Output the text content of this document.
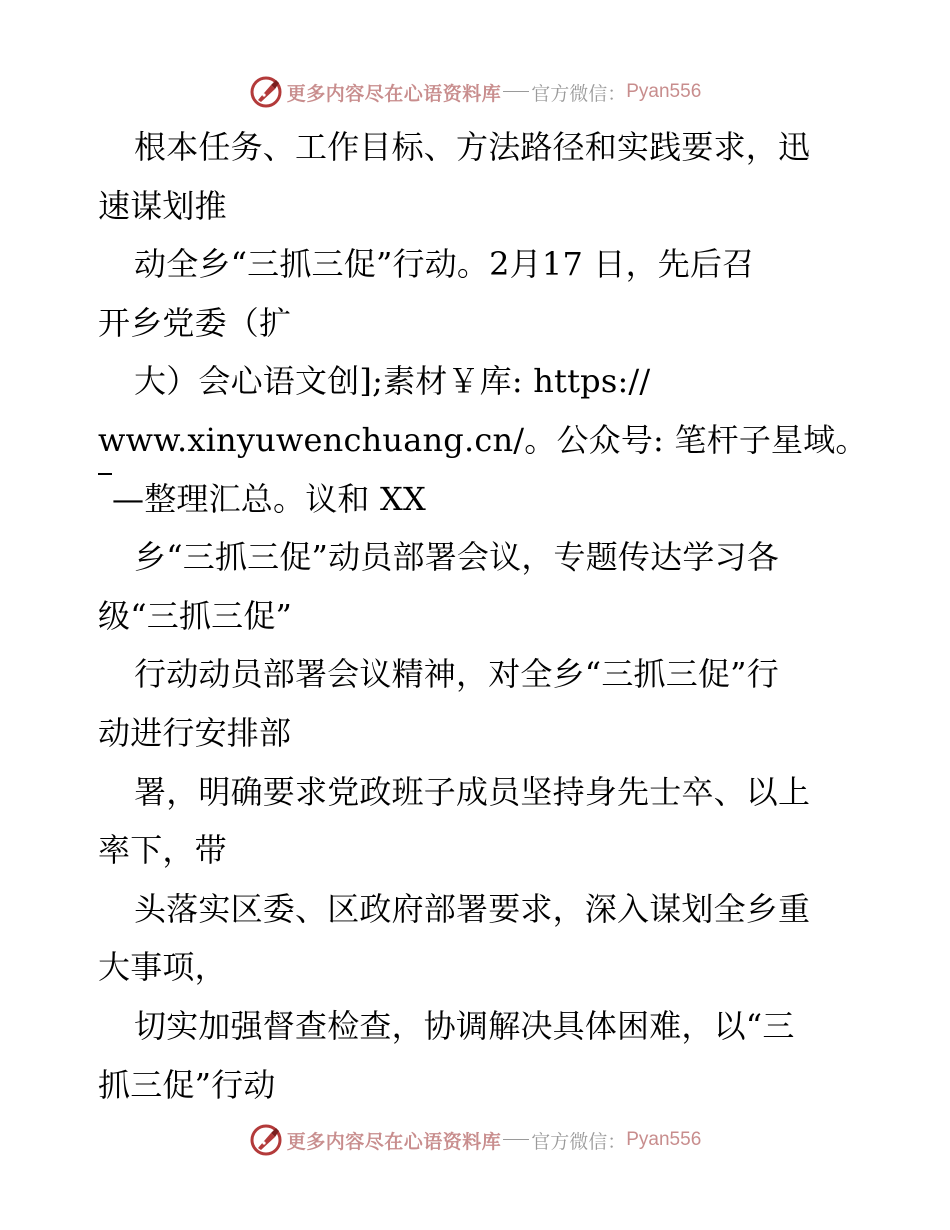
更多内容尽在心语资料库 官方微信： Pyan556
根本任务、工作目标、方法路径和实践要求，迅
速谋划推
动全乡“三抓三促”行动。2月17 日，先后召
开乡党委（扩
大）会心语文创];素材￥库: https://
www.xinyuwenchuang.cn/。公众号: 笔杆子星域。
—整理汇总。议和 XX
乡“三抓三促”动员部署会议，专题传达学习各
级“三抓三促”
行动动员部署会议精神，对全乡“三抓三促”行
动进行安排部
署，明确要求党政班子成员坚持身先士卒、以上
率下，带
头落实区委、区政府部署要求，深入谋划全乡重
大事项，
切实加强督查检查，协调解决具体困难，以“三
抓三促”行动
更多内容尽在心语资料库 官方微信： Pyan556
